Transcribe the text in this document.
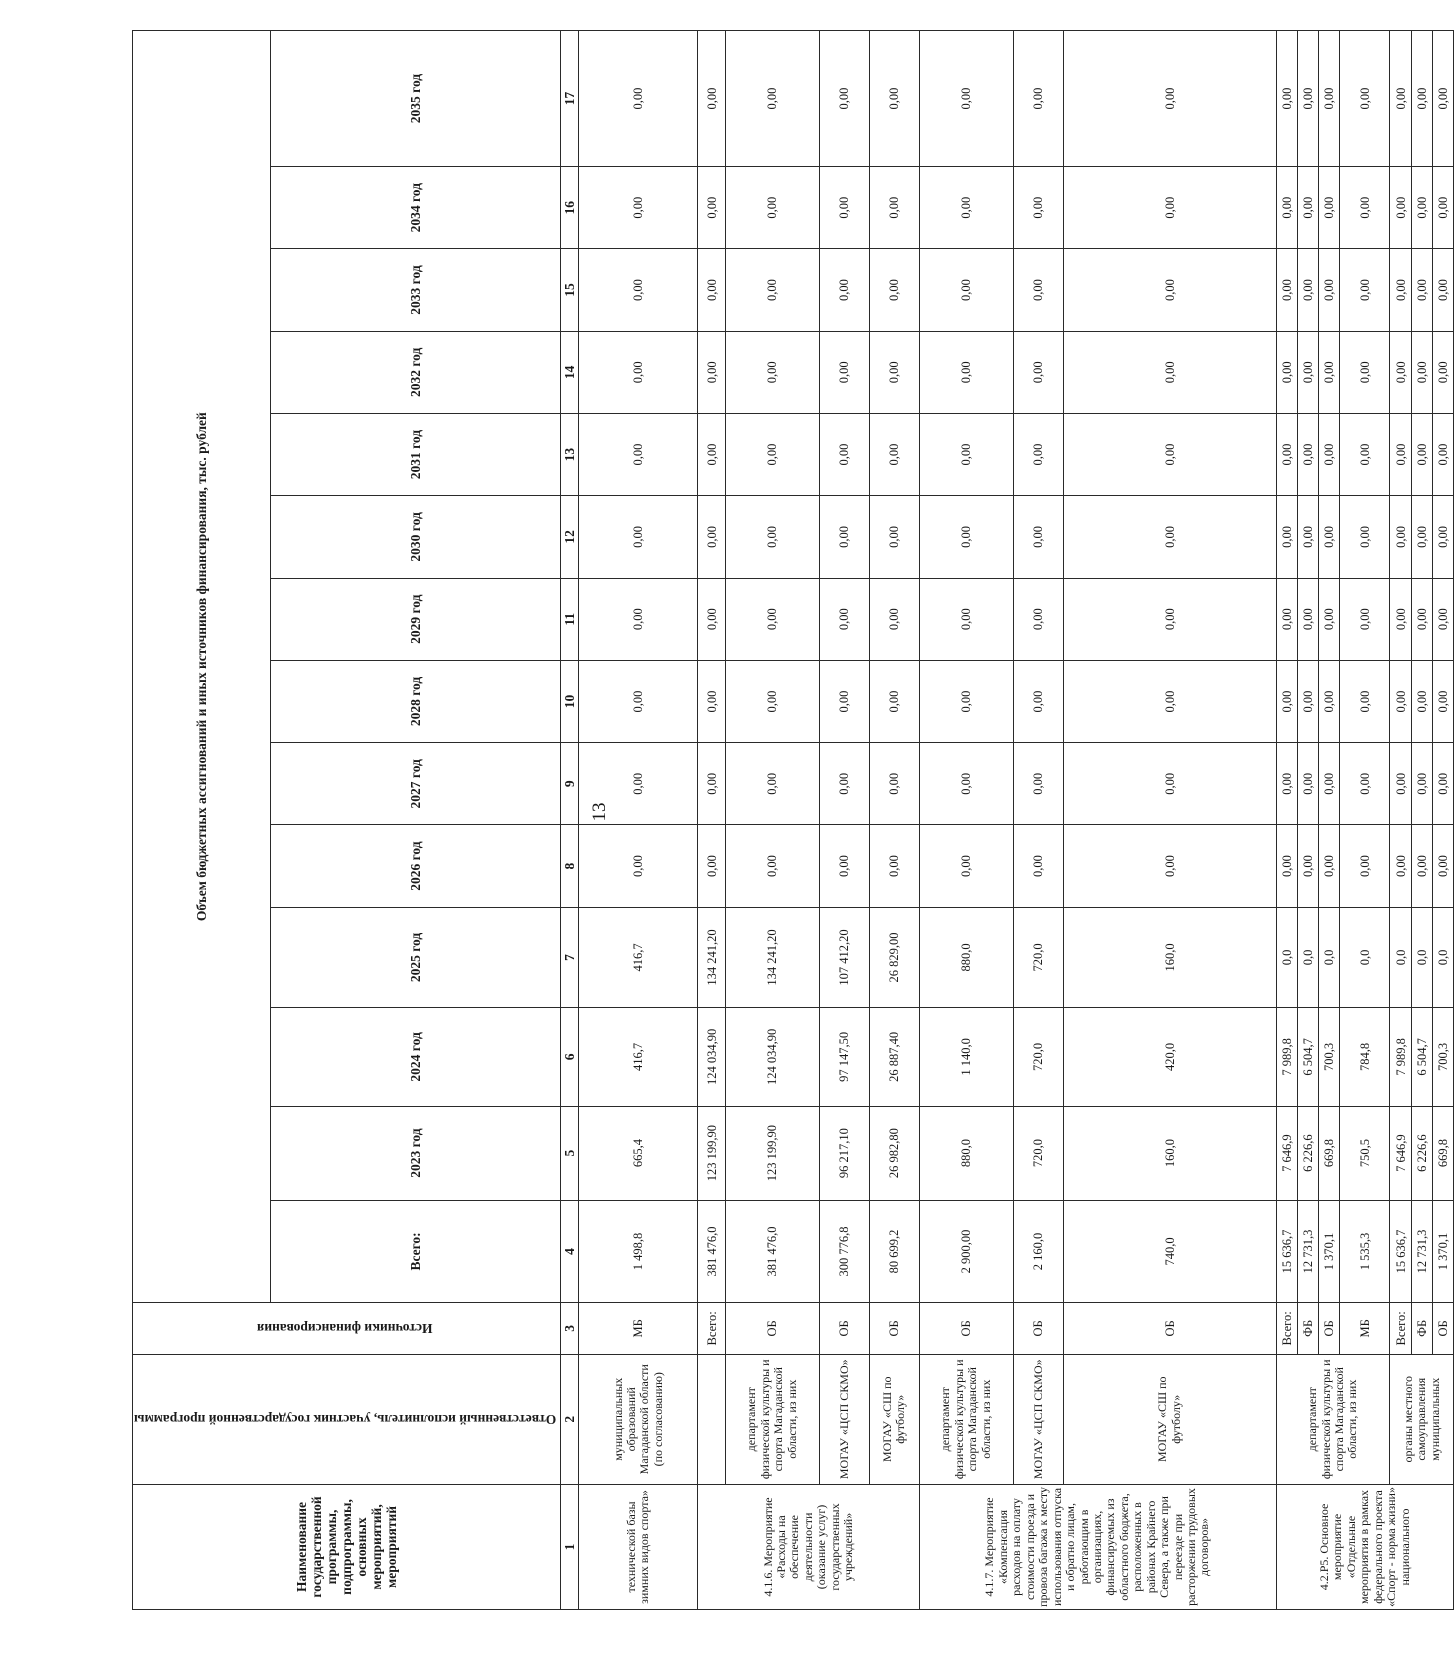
13
Наименование государственной программы, подпрограммы, основных мероприятий, мероприятий	Ответственный исполнитель, участник государственной программы	Источники финансирования	Объем бюджетных ассигнований и иных источников финансирования, тыс. рублей													
			Всего:	2023 год	2024 год	2025 год	2026 год	2027 год	2028 год	2029 год	2030 год	2031 год	2032 год	2033 год	2034 год	2035 год
1	2	3	4	5	6	7	8	9	10	11	12	13	14	15	16	17
технической базы зимних видов спорта»	муниципальных образований Магаданской области (по согласованию)	МБ	1 498,8	665,4	416,7	416,7	0,00	0,00	0,00	0,00	0,00	0,00	0,00	0,00	0,00	0,00
4.1.6. Мероприятие «Расходы на обеспечение деятельности (оказание услуг) государственных учреждений»		Всего:	381 476,0	123 199,90	124 034,90	134 241,20	0,00	0,00	0,00	0,00	0,00	0,00	0,00	0,00	0,00	0,00
	департамент физической культуры и спорта Магаданской области, из них	ОБ	381 476,0	123 199,90	124 034,90	134 241,20	0,00	0,00	0,00	0,00	0,00	0,00	0,00	0,00	0,00	0,00
	МОГАУ «ЦСП СКМО»	ОБ	300 776,8	96 217,10	97 147,50	107 412,20	0,00	0,00	0,00	0,00	0,00	0,00	0,00	0,00	0,00	0,00
	МОГАУ «СШ по футболу»	ОБ	80 699,2	26 982,80	26 887,40	26 829,00	0,00	0,00	0,00	0,00	0,00	0,00	0,00	0,00	0,00	0,00
4.1.7. Мероприятие «Компенсация расходов на оплату стоимости проезда и провоза багажа к месту использования отпуска и обратно лицам, работающим в организациях, финансируемых из областного бюджета, расположенных в районах Крайнего Севера, а также при переезде при расторжении трудовых договоров»	департамент физической культуры и спорта Магаданской области, из них	ОБ	2 900,00	880,0	1 140,0	880,0	0,00	0,00	0,00	0,00	0,00	0,00	0,00	0,00	0,00	0,00
	МОГАУ «ЦСП СКМО»	ОБ	2 160,0	720,0	720,0	720,0	0,00	0,00	0,00	0,00	0,00	0,00	0,00	0,00	0,00	0,00
	МОГАУ «СШ по футболу»	ОБ	740,0	160,0	420,0	160,0	0,00	0,00	0,00	0,00	0,00	0,00	0,00	0,00	0,00	0,00
4.2.Р5. Основное мероприятие «Отдельные мероприятия в рамках федерального проекта «Спорт - норма жизни» национального	департамент физической культуры и спорта Магаданской области, из них	Всего:	15 636,7	7 646,9	7 989,8	0,0	0,00	0,00	0,00	0,00	0,00	0,00	0,00	0,00	0,00	0,00
		ФБ	12 731,3	6 226,6	6 504,7	0,0	0,00	0,00	0,00	0,00	0,00	0,00	0,00	0,00	0,00	0,00
		ОБ	1 370,1	669,8	700,3	0,0	0,00	0,00	0,00	0,00	0,00	0,00	0,00	0,00	0,00	0,00
		МБ	1 535,3	750,5	784,8	0,0	0,00	0,00	0,00	0,00	0,00	0,00	0,00	0,00	0,00	0,00
	органы местного самоуправления муниципальных	Всего:	15 636,7	7 646,9	7 989,8	0,0	0,00	0,00	0,00	0,00	0,00	0,00	0,00	0,00	0,00	0,00
		ФБ	12 731,3	6 226,6	6 504,7	0,0	0,00	0,00	0,00	0,00	0,00	0,00	0,00	0,00	0,00	0,00
		ОБ	1 370,1	669,8	700,3	0,0	0,00	0,00	0,00	0,00	0,00	0,00	0,00	0,00	0,00	0,00
